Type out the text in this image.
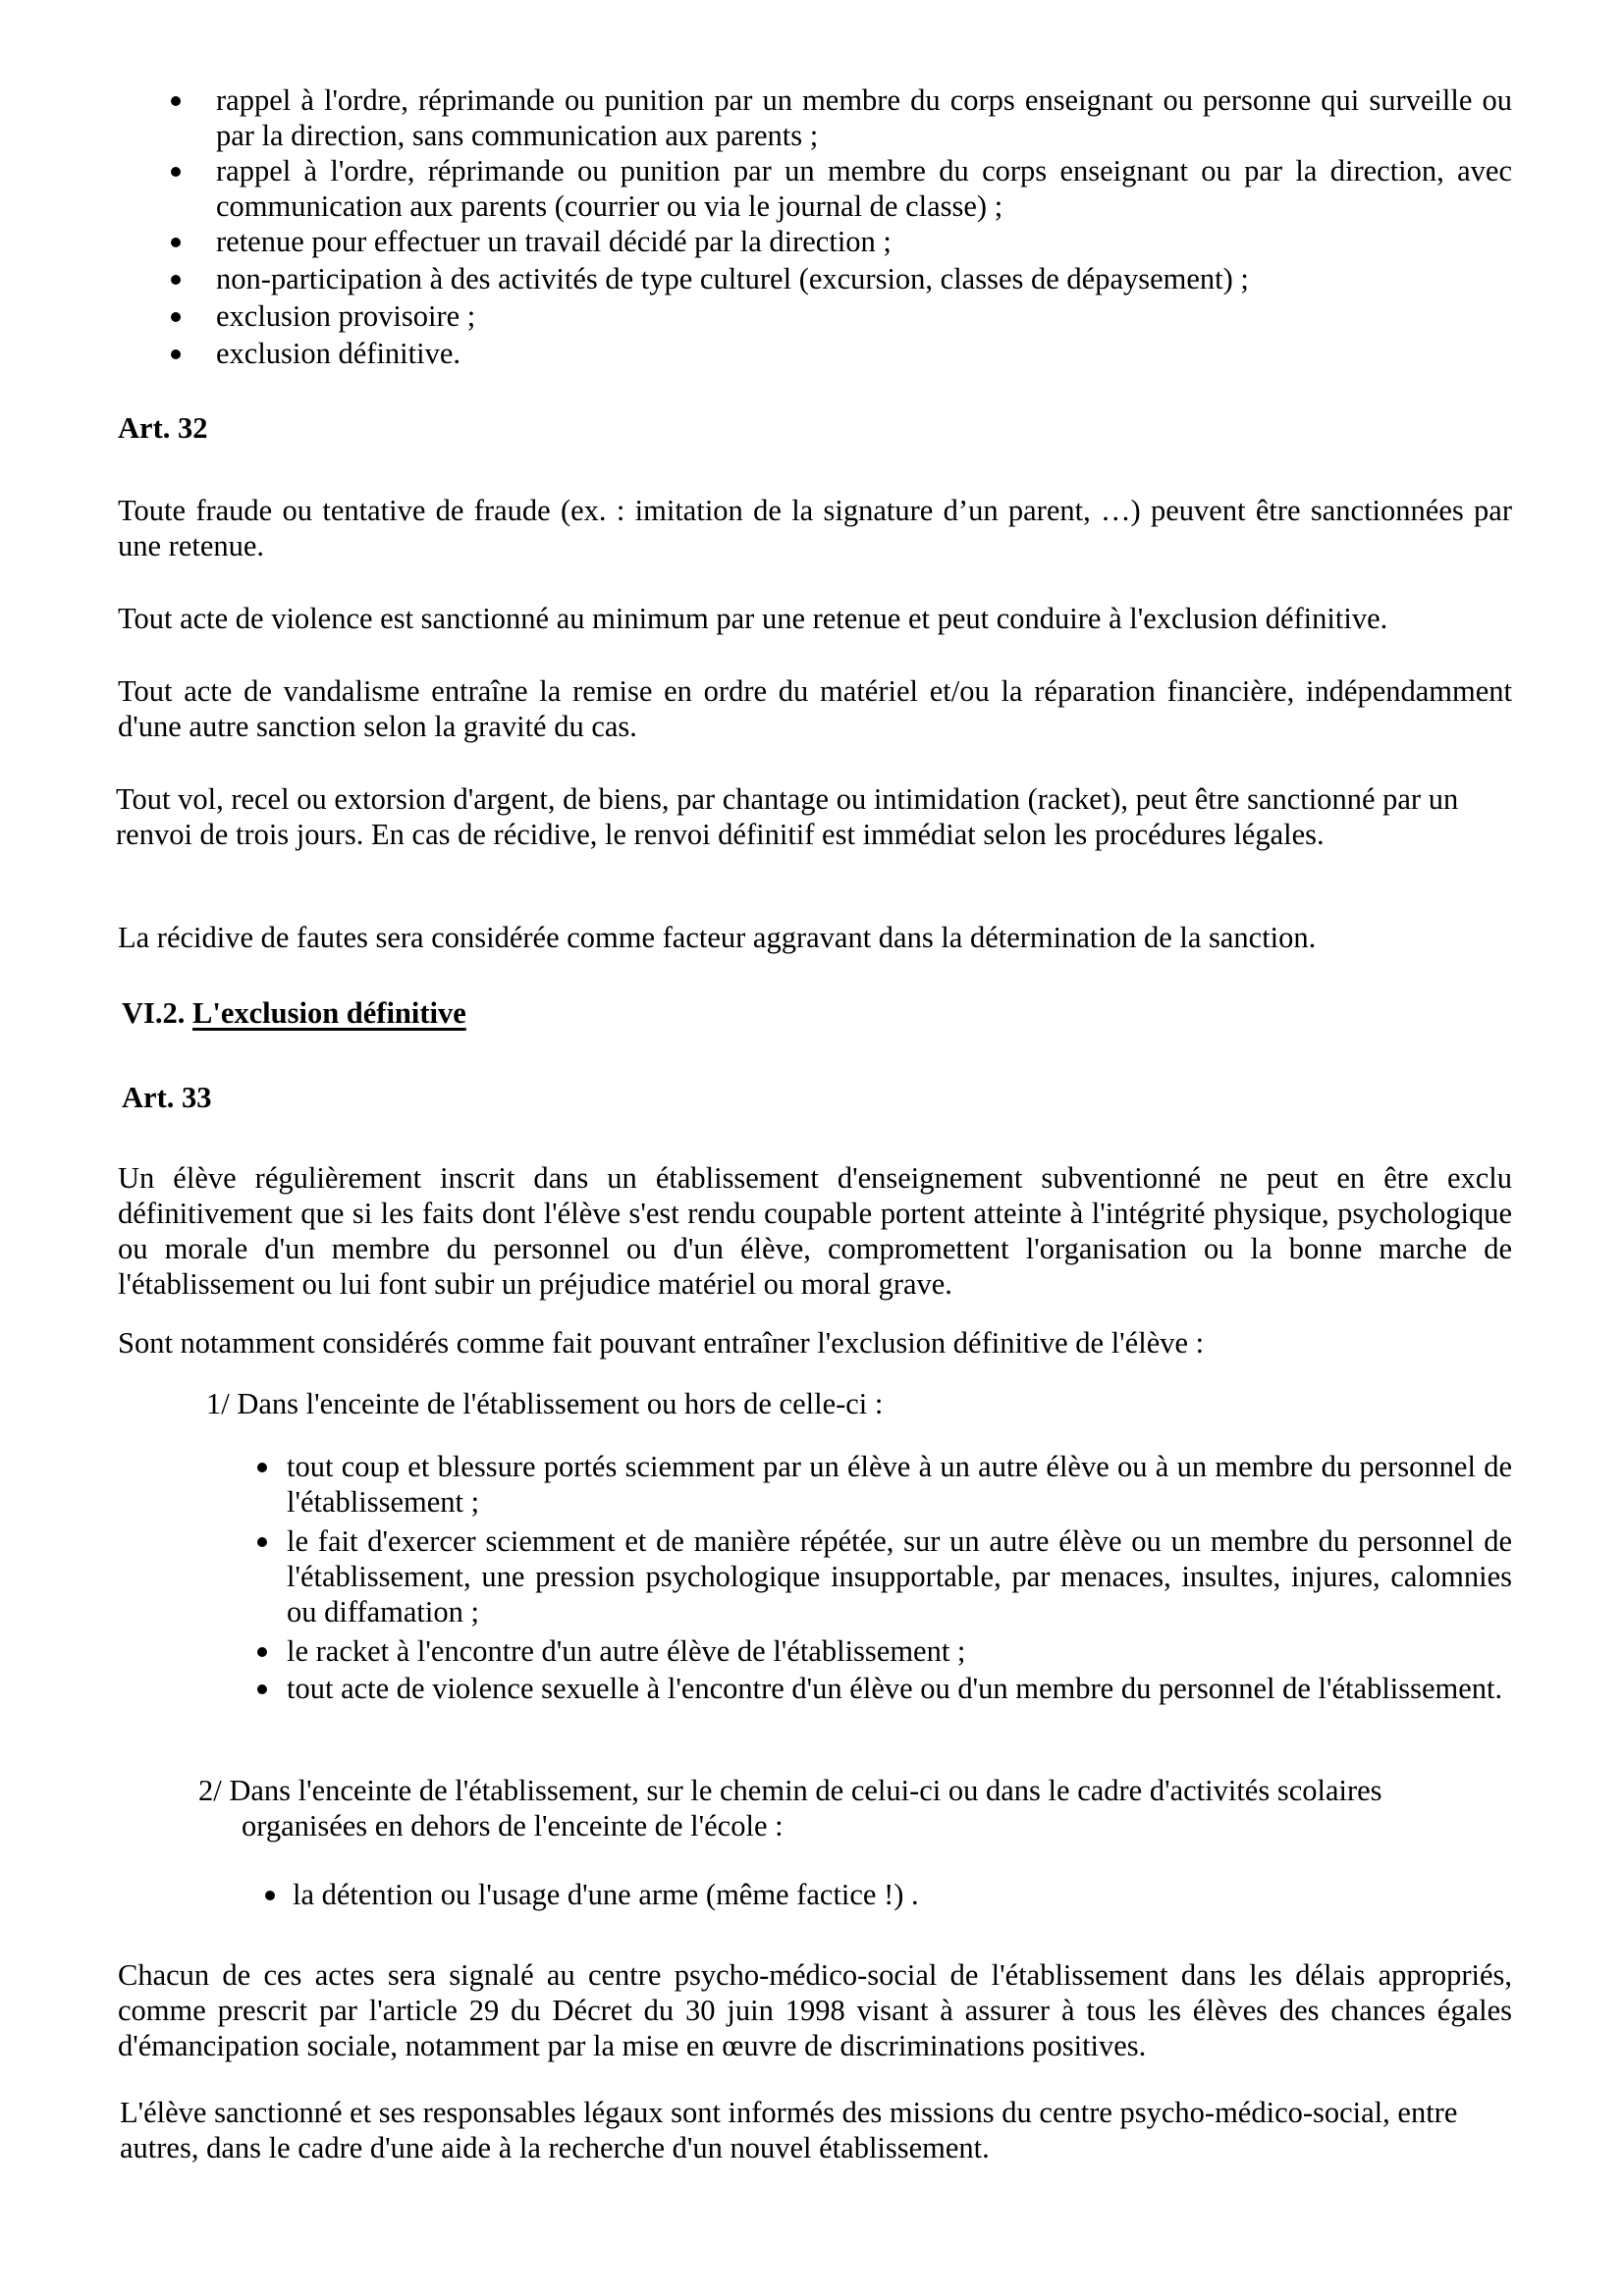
rappel à l'ordre, réprimande ou punition par un membre du corps enseignant ou personne qui surveille ou par la direction, sans communication aux parents ;
rappel à l'ordre, réprimande ou punition par un membre du corps enseignant ou par la direction, avec communication aux parents (courrier ou via le journal de classe) ;
retenue pour effectuer un travail décidé par la direction ;
non-participation à des activités de type culturel (excursion, classes de dépaysement) ;
exclusion provisoire ;
exclusion définitive.
Art. 32
Toute fraude ou tentative de fraude (ex. : imitation de la signature d’un parent, …) peuvent être sanctionnées par une retenue.
Tout acte de violence est sanctionné au minimum par une retenue et peut conduire à l'exclusion définitive.
Tout acte de vandalisme entraîne la remise en ordre du matériel et/ou la réparation financière, indépendamment d'une autre sanction selon la gravité du cas.
Tout vol, recel ou extorsion d'argent, de biens, par chantage ou intimidation (racket), peut être sanctionné par un renvoi de trois jours. En cas de récidive, le renvoi définitif est immédiat selon les procédures légales.
La récidive de fautes sera considérée comme facteur aggravant dans la détermination de la sanction.
VI.2. L'exclusion définitive
Art. 33
Un élève régulièrement inscrit dans un établissement d'enseignement subventionné ne peut en être exclu définitivement que si les faits dont l'élève s'est rendu coupable portent atteinte à l'intégrité physique, psychologique ou morale d'un membre du personnel ou d'un élève, compromettent l'organisation ou la bonne marche de l'établissement ou lui font subir un préjudice matériel ou moral grave.
Sont notamment considérés comme fait pouvant entraîner l'exclusion définitive de l'élève :
1/ Dans l'enceinte de l'établissement ou hors de celle-ci :
tout coup et blessure portés sciemment par un élève à un autre élève ou à un membre du personnel de l'établissement ;
le fait d'exercer sciemment et de manière répétée, sur un autre élève ou un membre du personnel de l'établissement, une pression psychologique insupportable, par menaces, insultes, injures, calomnies ou diffamation ;
le racket à l'encontre d'un autre élève de l'établissement ;
tout acte de violence sexuelle à l'encontre d'un élève ou d'un membre du personnel de l'établissement.
2/ Dans l'enceinte de l'établissement, sur le chemin de celui-ci ou dans le cadre d'activités scolaires organisées en dehors de l'enceinte de l'école :
la détention ou l'usage d'une arme (même factice !) .
Chacun de ces actes sera signalé au centre psycho-médico-social de l'établissement dans les délais appropriés, comme prescrit par l'article 29 du Décret du 30 juin 1998 visant à assurer à tous les élèves des chances égales d'émancipation sociale, notamment par la mise en œuvre de discriminations positives.
L'élève sanctionné et ses responsables légaux sont informés des missions du centre psycho-médico-social, entre autres, dans le cadre d'une aide à la recherche d'un nouvel établissement.
